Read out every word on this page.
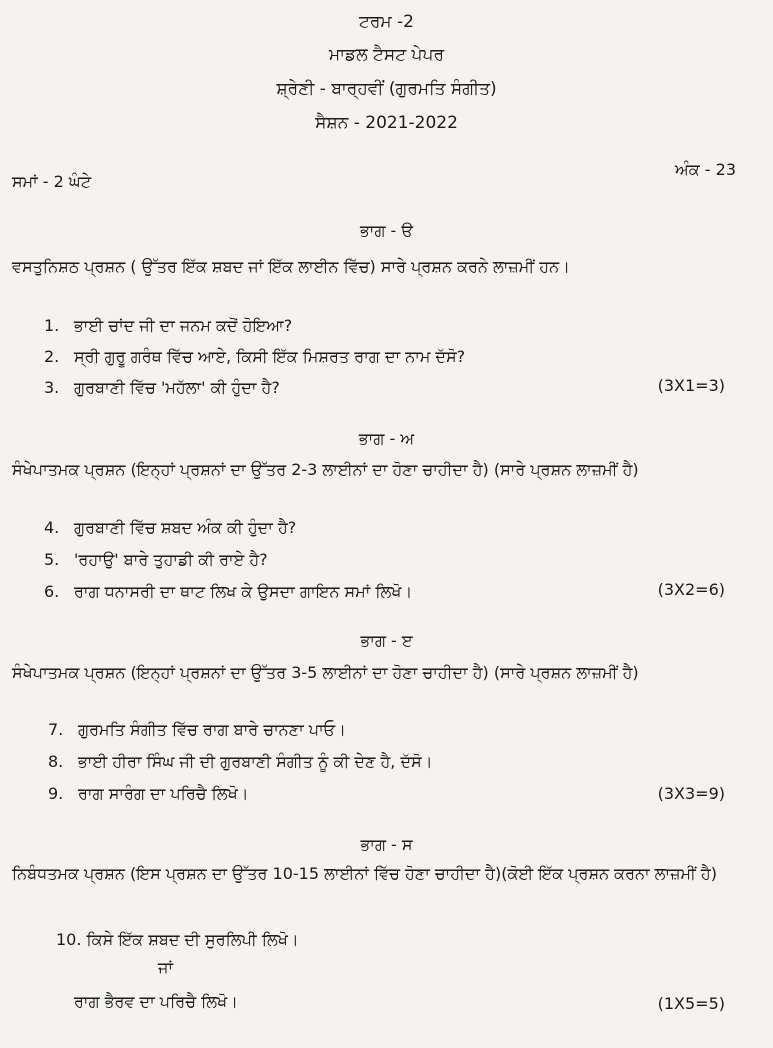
ਟਰਮ -2
ਮਾਡਲ ਟੈਸਟ ਪੇਪਰ
ਸ਼੍ਰੇਣੀ - ਬਾਰ੍ਹਵੀਂ (ਗੁਰਮਤਿ ਸੰਗੀਤ)
ਸੈਸ਼ਨ - 2021-2022
ਸਮਾਂ - 2 ਘੰਟੇ
ਅੰਕ - 23
ਭਾਗ - ੳ
ਵਸਤੁਨਿਸ਼ਠ ਪ੍ਰਸ਼ਨ ( ਉੱਤਰ ਇੱਕ ਸ਼ਬਦ ਜਾਂ ਇੱਕ ਲਾਈਨ ਵਿੱਚ) ਸਾਰੇ ਪ੍ਰਸ਼ਨ ਕਰਨੇ ਲਾਜ਼ਮੀਂ ਹਨ।
1. ਭਾਈ ਚਾਂਦ ਜੀ ਦਾ ਜਨਮ ਕਦੋਂ ਹੋਇਆ?
2. ਸ੍ਰੀ ਗੁਰੂ ਗਰੰਥ ਵਿੱਚ ਆਏ, ਕਿਸੀ ਇੱਕ ਮਿਸ਼ਰਤ ਰਾਗ ਦਾ ਨਾਮ ਦੱਸੋ?
3. ਗੁਰਬਾਣੀ ਵਿੱਚ 'ਮਹੱਲਾ' ਕੀ ਹੁੰਦਾ ਹੈ?	(3X1=3)
ਭਾਗ - ਅ
ਸੰਖੇਪਾਤਮਕ ਪ੍ਰਸ਼ਨ (ਇਨ੍ਹਾਂ ਪ੍ਰਸ਼ਨਾਂ ਦਾ ਉੱਤਰ 2-3 ਲਾਈਨਾਂ ਦਾ ਹੋਣਾ ਚਾਹੀਦਾ ਹੈ) (ਸਾਰੇ ਪ੍ਰਸ਼ਨ ਲਾਜ਼ਮੀਂ ਹੈ)
4. ਗੁਰਬਾਣੀ ਵਿੱਚ ਸ਼ਬਦ ਅੰਕ ਕੀ ਹੁੰਦਾ ਹੈ?
5. 'ਰਹਾਉ' ਬਾਰੇ ਤੁਹਾਡੀ ਕੀ ਰਾਏ ਹੈ?
6. ਰਾਗ ਧਨਾਸਰੀ ਦਾ ਥਾਟ ਲਿਖ ਕੇ ਉਸਦਾ ਗਾਇਨ ਸਮਾਂ ਲਿਖੋ।	(3X2=6)
ਭਾਗ - ੲ
ਸੰਖੇਪਾਤਮਕ ਪ੍ਰਸ਼ਨ (ਇਨ੍ਹਾਂ ਪ੍ਰਸ਼ਨਾਂ ਦਾ ਉੱਤਰ 3-5 ਲਾਈਨਾਂ ਦਾ ਹੋਣਾ ਚਾਹੀਦਾ ਹੈ) (ਸਾਰੇ ਪ੍ਰਸ਼ਨ ਲਾਜ਼ਮੀਂ ਹੈ)
7. ਗੁਰਮਤਿ ਸੰਗੀਤ ਵਿੱਚ ਰਾਗ ਬਾਰੇ ਚਾਨਣਾ ਪਾਓ।
8. ਭਾਈ ਹੀਰਾ ਸਿੰਘ ਜੀ ਦੀ ਗੁਰਬਾਣੀ ਸੰਗੀਤ ਨੂੰ ਕੀ ਦੇਣ ਹੈ, ਦੱਸੋ।
9. ਰਾਗ ਸਾਰੰਗ ਦਾ ਪਰਿਚੈ ਲਿਖੋ।	(3X3=9)
ਭਾਗ - ਸ
ਨਿਬੰਧਤਮਕ ਪ੍ਰਸ਼ਨ (ਇਸ ਪ੍ਰਸ਼ਨ ਦਾ ਉੱਤਰ 10-15 ਲਾਈਨਾਂ ਵਿੱਚ ਹੋਣਾ ਚਾਹੀਦਾ ਹੈ)(ਕੋਈ ਇੱਕ ਪ੍ਰਸ਼ਨ ਕਰਨਾ ਲਾਜ਼ਮੀਂ ਹੈ)
10. ਕਿਸੇ ਇੱਕ ਸ਼ਬਦ ਦੀ ਸੁਰਲਿਪੀ ਲਿਖੋ।
ਜਾਂ
ਰਾਗ ਭੈਰਵ ਦਾ ਪਰਿਚੈ ਲਿਖੋ।	(1X5=5)
